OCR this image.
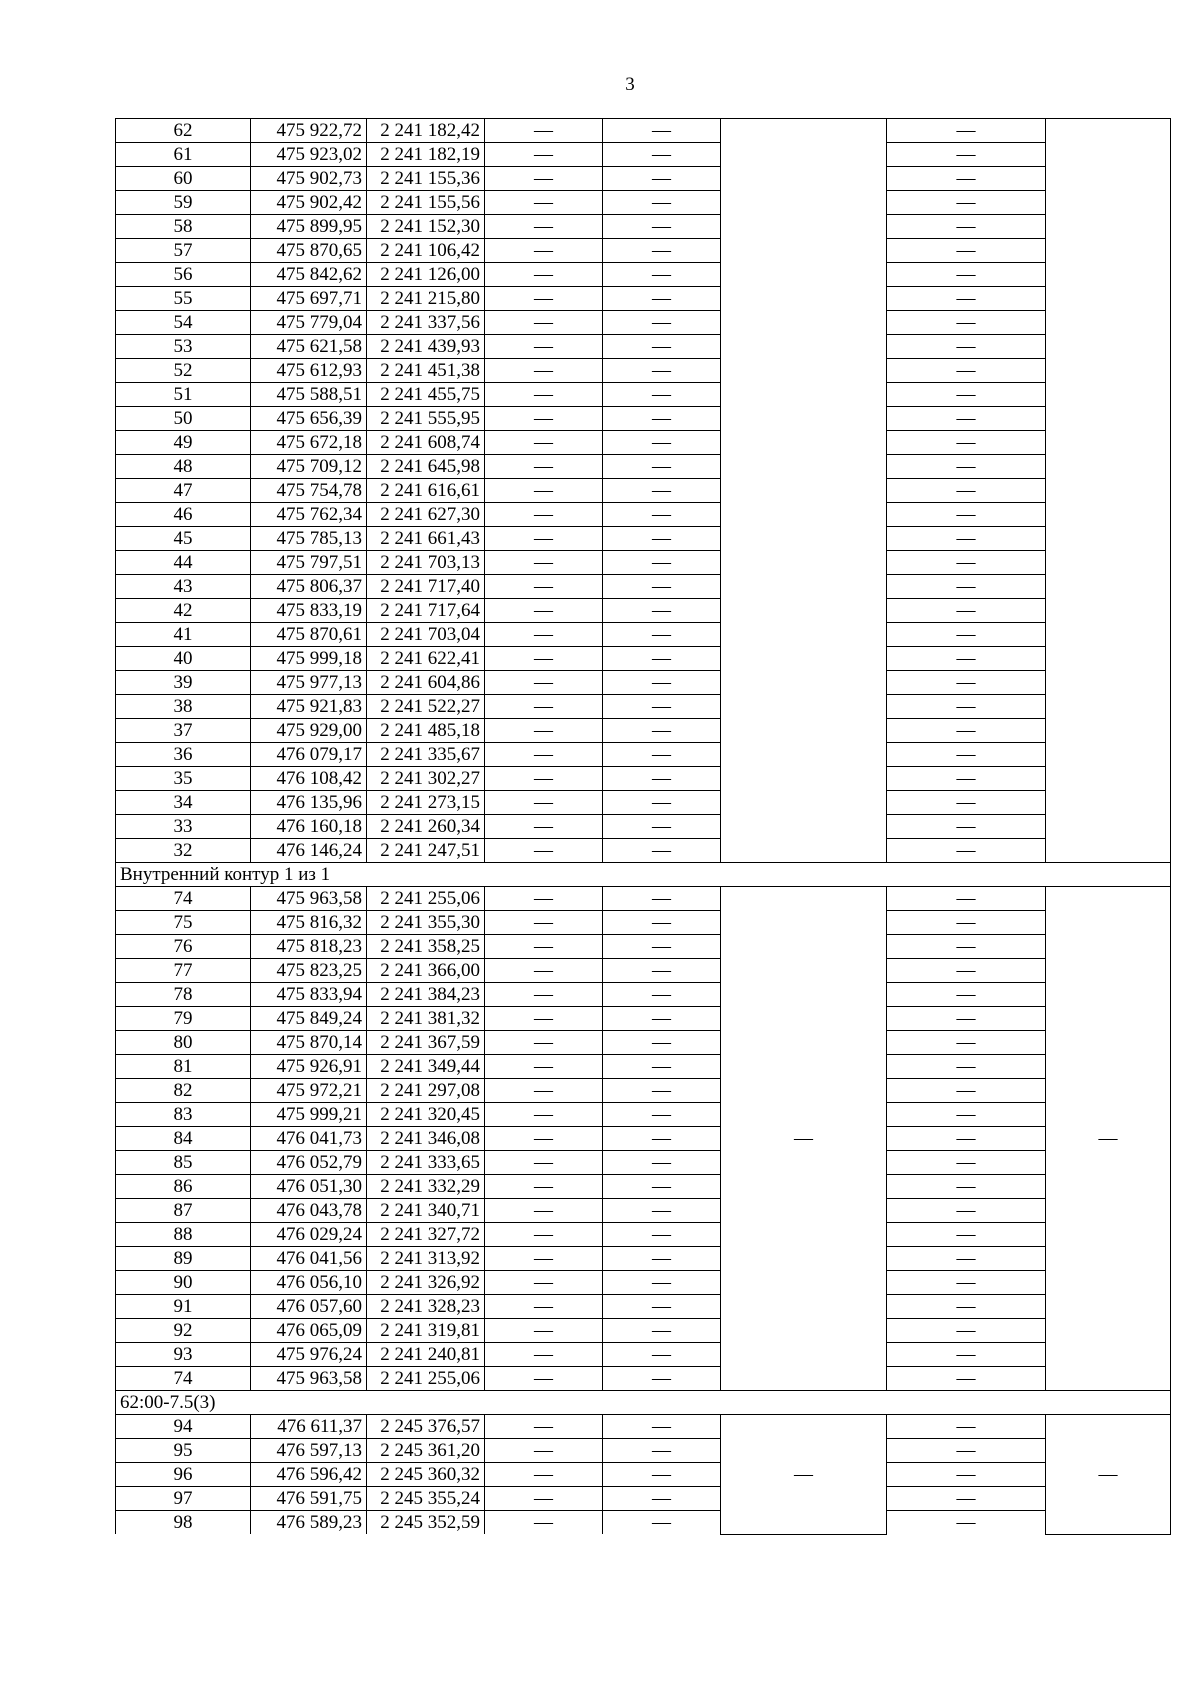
3
62	475 922,72	2 241 182,42	—	—		—	
61	475 923,02	2 241 182,19	—	—		—	
60	475 902,73	2 241 155,36	—	—		—	
59	475 902,42	2 241 155,56	—	—		—	
58	475 899,95	2 241 152,30	—	—		—	
57	475 870,65	2 241 106,42	—	—		—	
56	475 842,62	2 241 126,00	—	—		—	
55	475 697,71	2 241 215,80	—	—		—	
54	475 779,04	2 241 337,56	—	—		—	
53	475 621,58	2 241 439,93	—	—		—	
52	475 612,93	2 241 451,38	—	—		—	
51	475 588,51	2 241 455,75	—	—		—	
50	475 656,39	2 241 555,95	—	—		—	
49	475 672,18	2 241 608,74	—	—		—	
48	475 709,12	2 241 645,98	—	—		—	
47	475 754,78	2 241 616,61	—	—		—	
46	475 762,34	2 241 627,30	—	—		—	
45	475 785,13	2 241 661,43	—	—		—	
44	475 797,51	2 241 703,13	—	—		—	
43	475 806,37	2 241 717,40	—	—		—	
42	475 833,19	2 241 717,64	—	—		—	
41	475 870,61	2 241 703,04	—	—		—	
40	475 999,18	2 241 622,41	—	—		—	
39	475 977,13	2 241 604,86	—	—		—	
38	475 921,83	2 241 522,27	—	—		—	
37	475 929,00	2 241 485,18	—	—		—	
36	476 079,17	2 241 335,67	—	—		—	
35	476 108,42	2 241 302,27	—	—		—	
34	476 135,96	2 241 273,15	—	—		—	
33	476 160,18	2 241 260,34	—	—		—	
32	476 146,24	2 241 247,51	—	—		—	
Внутренний контур 1 из 1							
74	475 963,58	2 241 255,06	—	—	—	—	—
75	475 816,32	2 241 355,30	—	—		—	
76	475 818,23	2 241 358,25	—	—		—	
77	475 823,25	2 241 366,00	—	—		—	
78	475 833,94	2 241 384,23	—	—		—	
79	475 849,24	2 241 381,32	—	—		—	
80	475 870,14	2 241 367,59	—	—		—	
81	475 926,91	2 241 349,44	—	—		—	
82	475 972,21	2 241 297,08	—	—		—	
83	475 999,21	2 241 320,45	—	—		—	
84	476 041,73	2 241 346,08	—	—		—	
85	476 052,79	2 241 333,65	—	—		—	
86	476 051,30	2 241 332,29	—	—		—	
87	476 043,78	2 241 340,71	—	—		—	
88	476 029,24	2 241 327,72	—	—		—	
89	476 041,56	2 241 313,92	—	—		—	
90	476 056,10	2 241 326,92	—	—		—	
91	476 057,60	2 241 328,23	—	—		—	
92	476 065,09	2 241 319,81	—	—		—	
93	475 976,24	2 241 240,81	—	—		—	
74	475 963,58	2 241 255,06	—	—		—	
62:00-7.5(3)							
94	476 611,37	2 245 376,57	—	—	—	—	—
95	476 597,13	2 245 361,20	—	—		—	
96	476 596,42	2 245 360,32	—	—		—	
97	476 591,75	2 245 355,24	—	—		—	
98	476 589,23	2 245 352,59	—	—		—	
